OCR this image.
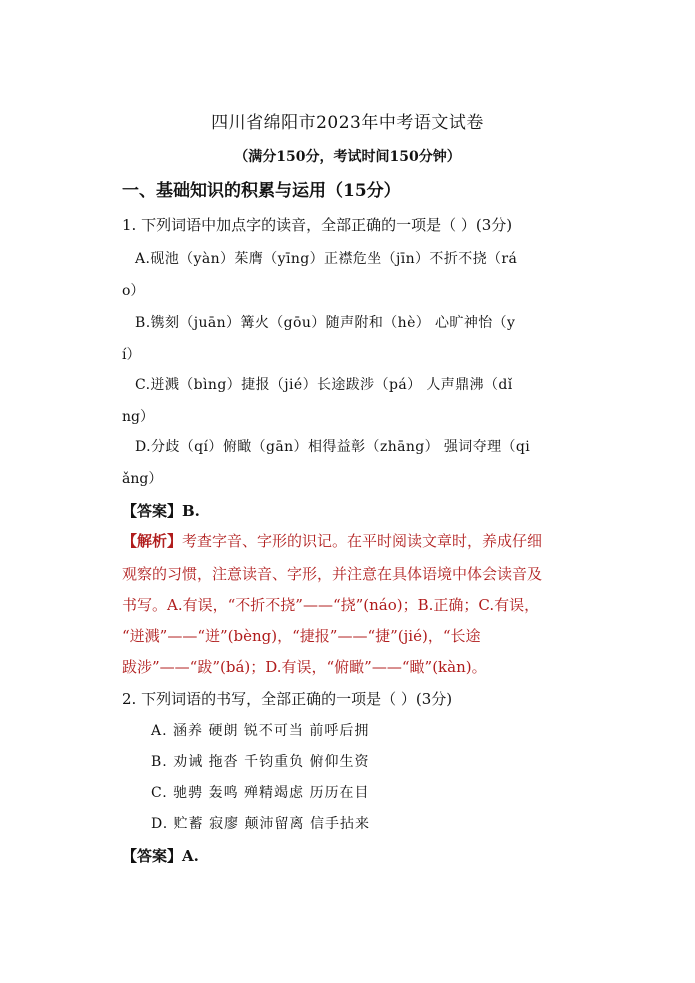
四川省绵阳市2023年中考语文试卷
（满分150分，考试时间150分钟）
一、基础知识的积累与运用（15分）
1. 下列词语中加点字的读音，全部正确的一项是（ ）(3分)
A.砚池（yàn）茱膺（yīng）正襟危坐（jīn）不折不挠（rá
o）
B.镌刻（juān）篝火（gōu）随声附和（hè） 心旷神怡（y
í）
C.迸溅（bìng）捷报（jié）长途跋涉（pá） 人声鼎沸（dǐ
ng）
D.分歧（qí）俯瞰（gān）相得益彰（zhāng） 强词夺理（qi
ǎng）
【答案】B.
【解析】考查字音、字形的识记。在平时阅读文章时，养成仔细
观察的习惯，注意读音、字形，并注意在具体语境中体会读音及
书写。A.有误，“不折不挠”——“挠”(náo)；B.正确；C.有误，
“迸溅”——“迸”(bèng)，“捷报”——“捷”(jié)，“长途
跋涉”——“跋”(bá)；D.有误，“俯瞰”——“瞰”(kàn)。
2. 下列词语的书写，全部正确的一项是（ ）(3分)
A. 涵养 硬朗 锐不可当 前呼后拥
B. 劝诫 拖沓 千钧重负 俯仰生资
C. 驰骋 轰鸣 殚精竭虑 历历在目
D. 贮蓄 寂廖 颠沛留离 信手拈来
【答案】A.
